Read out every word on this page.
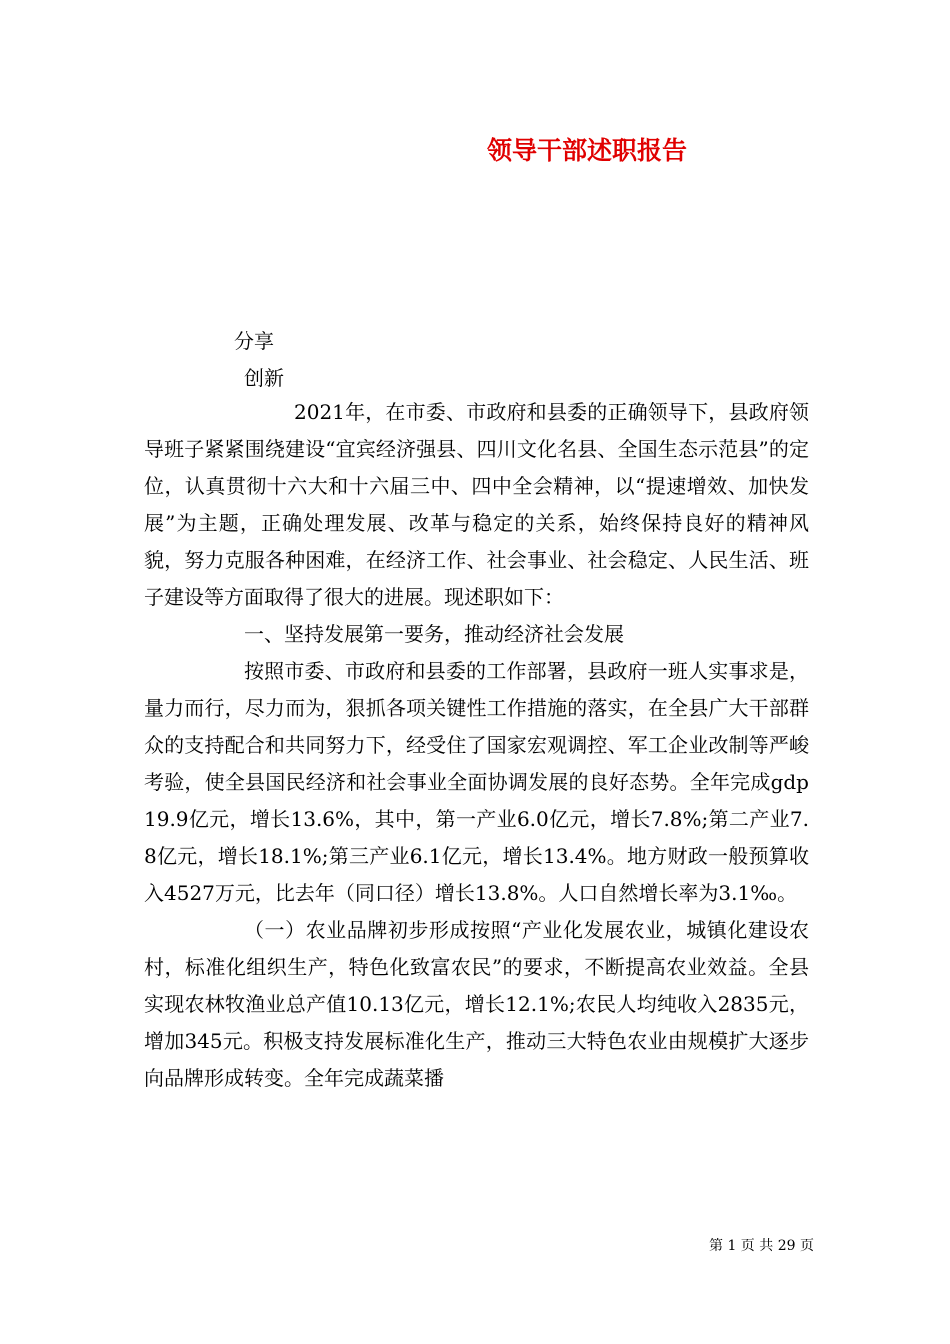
领导干部述职报告
分享
创新

2021年，在市委、市政府和县委的正确领导下，县政府领导班子紧紧围绕建设“宜宾经济强县、四川文化名县、全国生态示范县”的定位，认真贯彻十六大和十六届三中、四中全会精神，以“提速增效、加快发展”为主题，正确处理发展、改革与稳定的关系，始终保持良好的精神风貌，努力克服各种困难，在经济工作、社会事业、社会稳定、人民生活、班子建设等方面取得了很大的进展。现述职如下：

一、坚持发展第一要务，推动经济社会发展

按照市委、市政府和县委的工作部署，县政府一班人实事求是，量力而行，尽力而为，狠抓各项关键性工作措施的落实，在全县广大干部群众的支持配合和共同努力下，经受住了国家宏观调控、军工企业改制等严峻考验，使全县国民经济和社会事业全面协调发展的良好态势。全年完成gdp19.9亿元，增长13.6%，其中，第一产业6.0亿元，增长7.8%;第二产业7.8亿元，增长18.1%;第三产业6.1亿元，增长13.4%。地方财政一般预算收入4527万元，比去年（同口径）增长13.8%。人口自然增长率为3.1‰。

（一）农业品牌初步形成按照“产业化发展农业，城镇化建设农村，标准化组织生产，特色化致富农民”的要求，不断提高农业效益。全县实现农林牧渔业总产值10.13亿元，增长12.1%;农民人均纯收入2835元，增加345元。积极支持发展标准化生产，推动三大特色农业由规模扩大逐步向品牌形成转变。全年完成蔬菜播

第 1 页 共 29 页
